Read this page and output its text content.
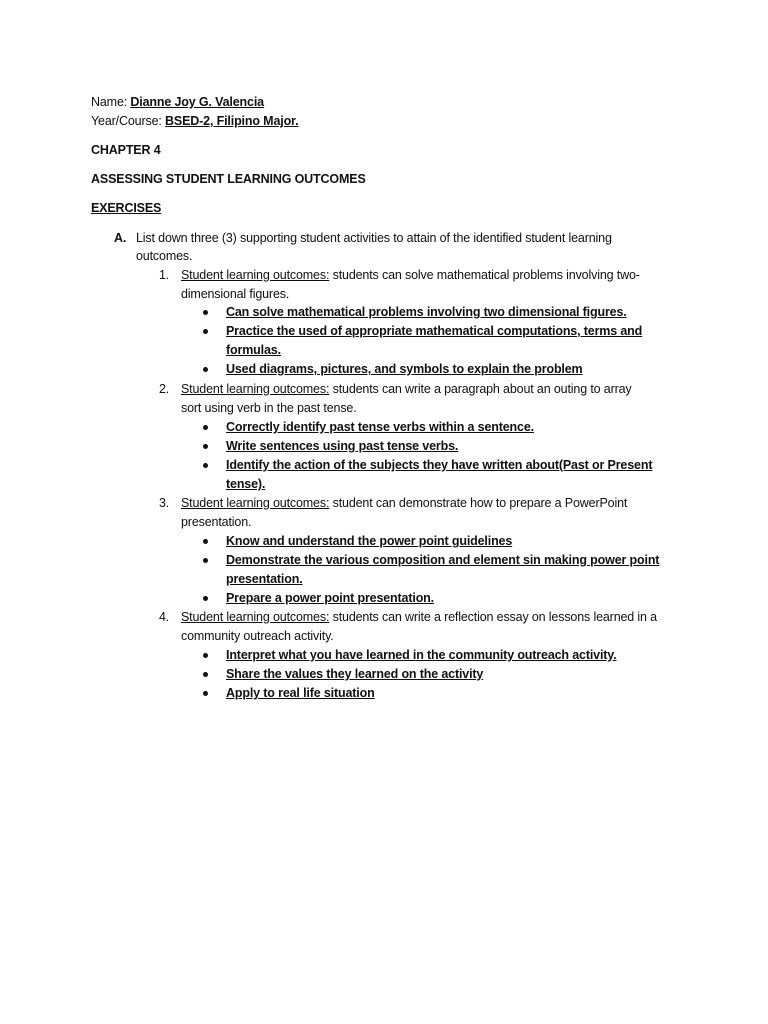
Name: Dianne Joy G. Valencia
Year/Course: BSED-2, Filipino Major.
CHAPTER 4
ASSESSING STUDENT LEARNING OUTCOMES
EXERCISES
A. List down three (3) supporting student activities to attain of the identified student learning
outcomes.
1. Student learning outcomes: students can solve mathematical problems involving two-
dimensional figures.
Can solve mathematical problems involving two dimensional figures.
Practice the used of appropriate mathematical computations, terms and
formulas.
Used diagrams, pictures, and symbols to explain the problem
2. Student learning outcomes: students can write a paragraph about an outing to array
sort using verb in the past tense.
Correctly identify past tense verbs within a sentence.
Write sentences using past tense verbs.
Identify the action of the subjects they have written about(Past or Present
tense).
3. Student learning outcomes: student can demonstrate how to prepare a PowerPoint
presentation.
Know and understand the power point guidelines
Demonstrate the various composition and element sin making power point
presentation.
Prepare a power point presentation.
4. Student learning outcomes: students can write a reflection essay on lessons learned in a
community outreach activity.
Interpret what you have learned in the community outreach activity.
Share the values they learned on the activity
Apply to real life situation
